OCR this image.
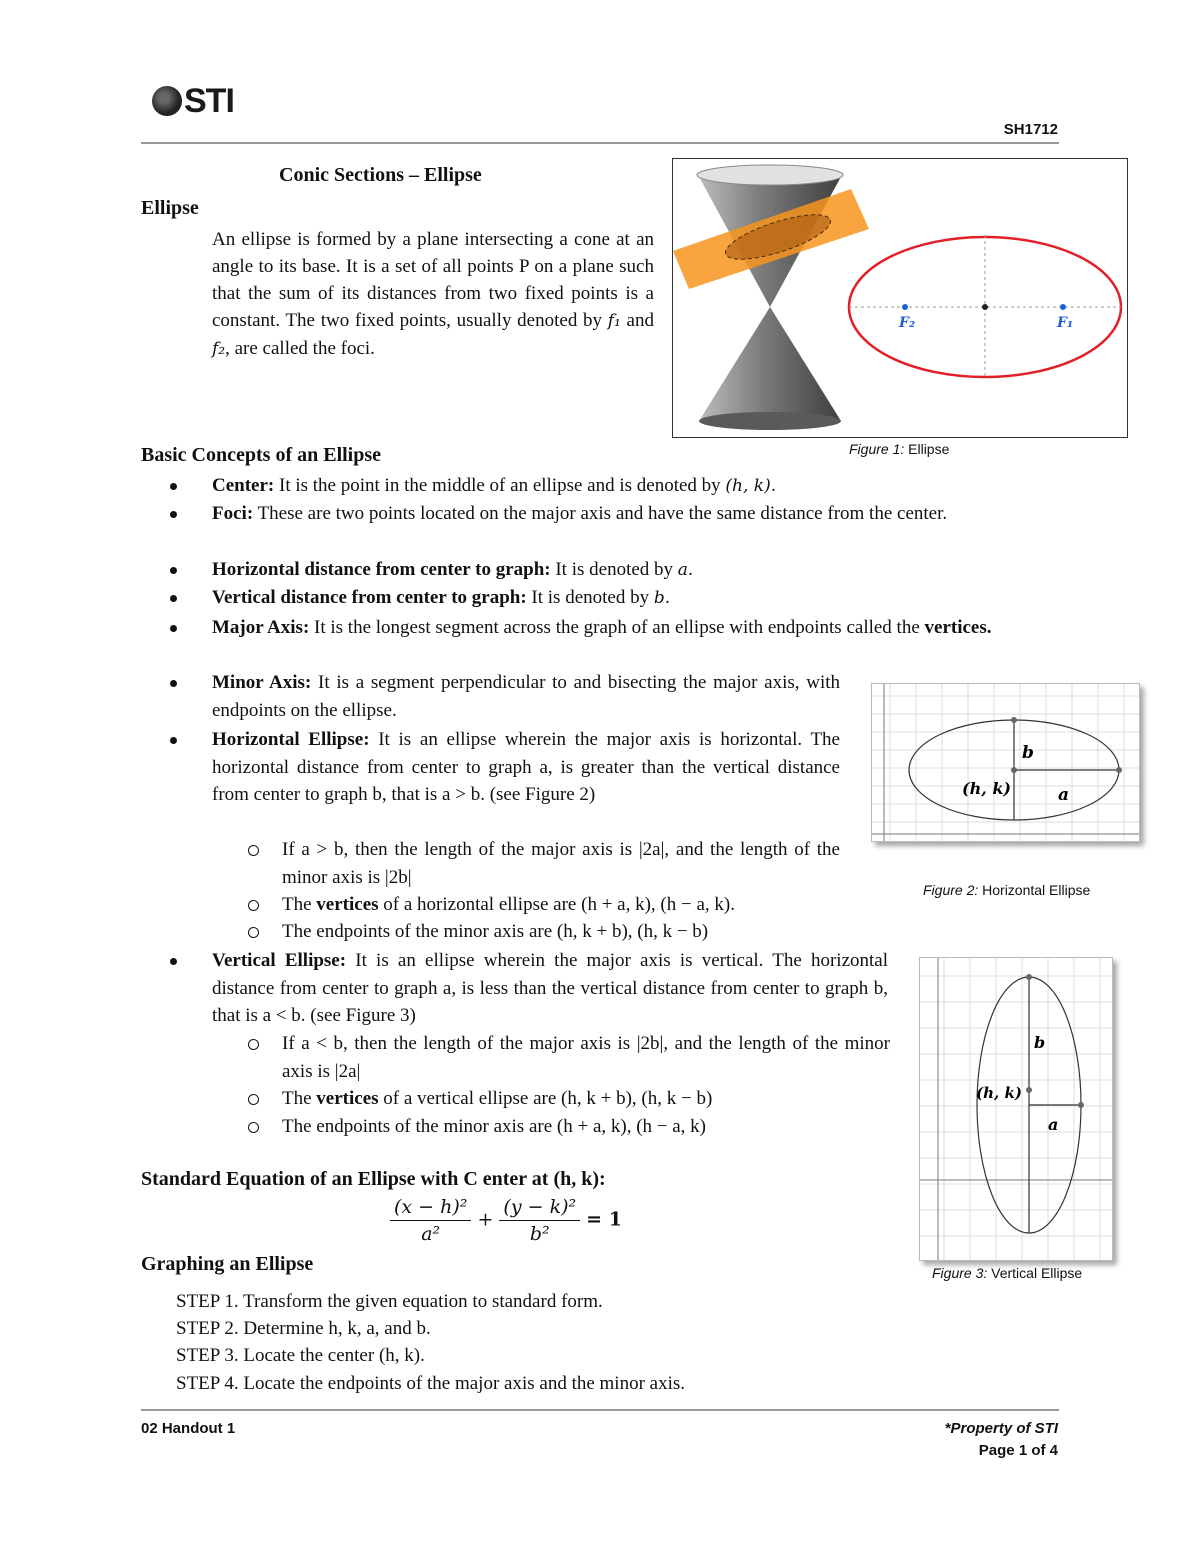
STI
SH1712
Conic Sections – Ellipse
Ellipse
An ellipse is formed by a plane intersecting a cone at an angle to its base. It is a set of all points P on a plane such that the sum of its distances from two fixed points is a constant. The two fixed points, usually denoted by f₁ and f₂, are called the foci.
F₂	F₁
Figure 1: Ellipse
Basic Concepts of an Ellipse
Center: It is the point in the middle of an ellipse and is denoted by (h, k).
Foci: These are two points located on the major axis and have the same distance from the center.
Horizontal distance from center to graph: It is denoted by a.
Vertical distance from center to graph: It is denoted by b.
Major Axis: It is the longest segment across the graph of an ellipse with endpoints called the vertices.
Minor Axis: It is a segment perpendicular to and bisecting the major axis, with endpoints on the ellipse.
Horizontal Ellipse: It is an ellipse wherein the major axis is horizontal. The horizontal distance from center to graph a, is greater than the vertical distance from center to graph b, that is a > b. (see Figure 2)
If a > b, then the length of the major axis is |2a|, and the length of the minor axis is |2b|
The vertices of a horizontal ellipse are (h + a, k), (h − a, k).
The endpoints of the minor axis are (h, k + b), (h, k − b)
Vertical Ellipse: It is an ellipse wherein the major axis is vertical. The horizontal distance from center to graph a, is less than the vertical distance from center to graph b, that is a < b. (see Figure 3)
If a < b, then the length of the major axis is |2b|, and the length of the minor axis is |2a|
The vertices of a vertical ellipse are (h, k + b), (h, k − b)
The endpoints of the minor axis are (h + a, k), (h − a, k)
b
(h, k)	a
Figure 2: Horizontal Ellipse
b
(h, k)
a
Figure 3: Vertical Ellipse
Standard Equation of an Ellipse with C enter at (h, k):
$\frac{\text{(x − h)²}}{\text{a²}} + \frac{\text{(y − k)²}}{\text{b²}} = 1$
Graphing an Ellipse
STEP 1. Transform the given equation to standard form.
STEP 2. Determine h, k, a, and b.
STEP 3. Locate the center (h, k).
STEP 4. Locate the endpoints of the major axis and the minor axis.
02 Handout 1	*Property of STI
Page 1 of 4
